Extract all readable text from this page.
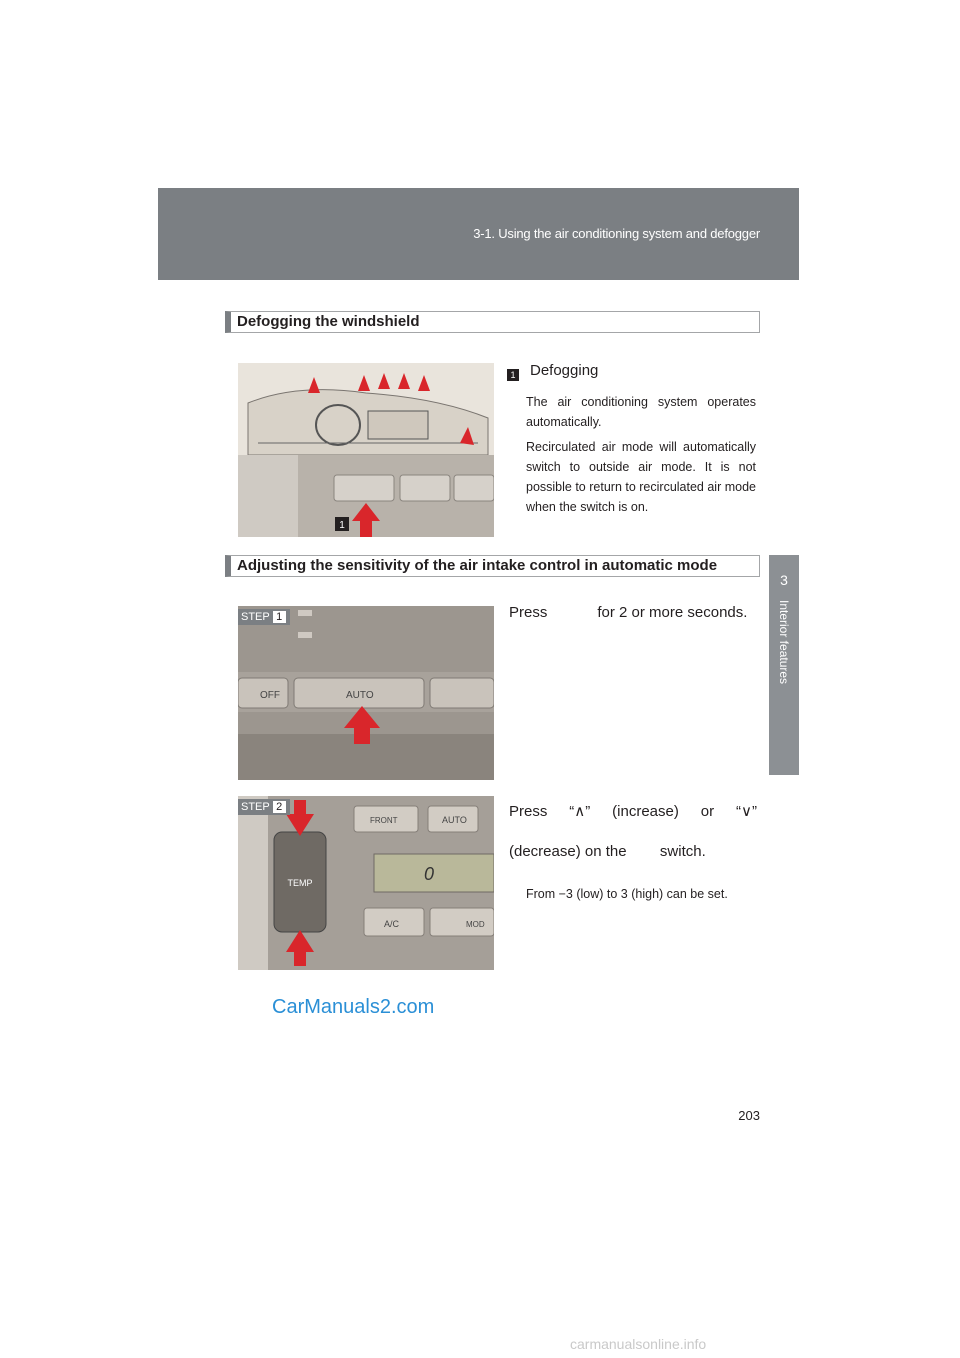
3-1. Using the air conditioning system and defogger
3
Interior features
Defogging the windshield
1
1 Defogging
The air conditioning system operates automatically.
Recirculated air mode will automatically switch to outside air mode. It is not possible to return to recirculated air mode when the switch is on.
Adjusting the sensitivity of the air intake control in automatic mode
OFF	AUTO
STEP 1	Press            for 2 or more seconds.
TEMP
FRONT	AUTO
0
A/C	MOD
STEP 2	Press “∧” (increase) or “∨” (decrease) on the        switch.
From −3 (low) to 3 (high) can be set.
203
CarManuals2.com
carmanualsonline.info
